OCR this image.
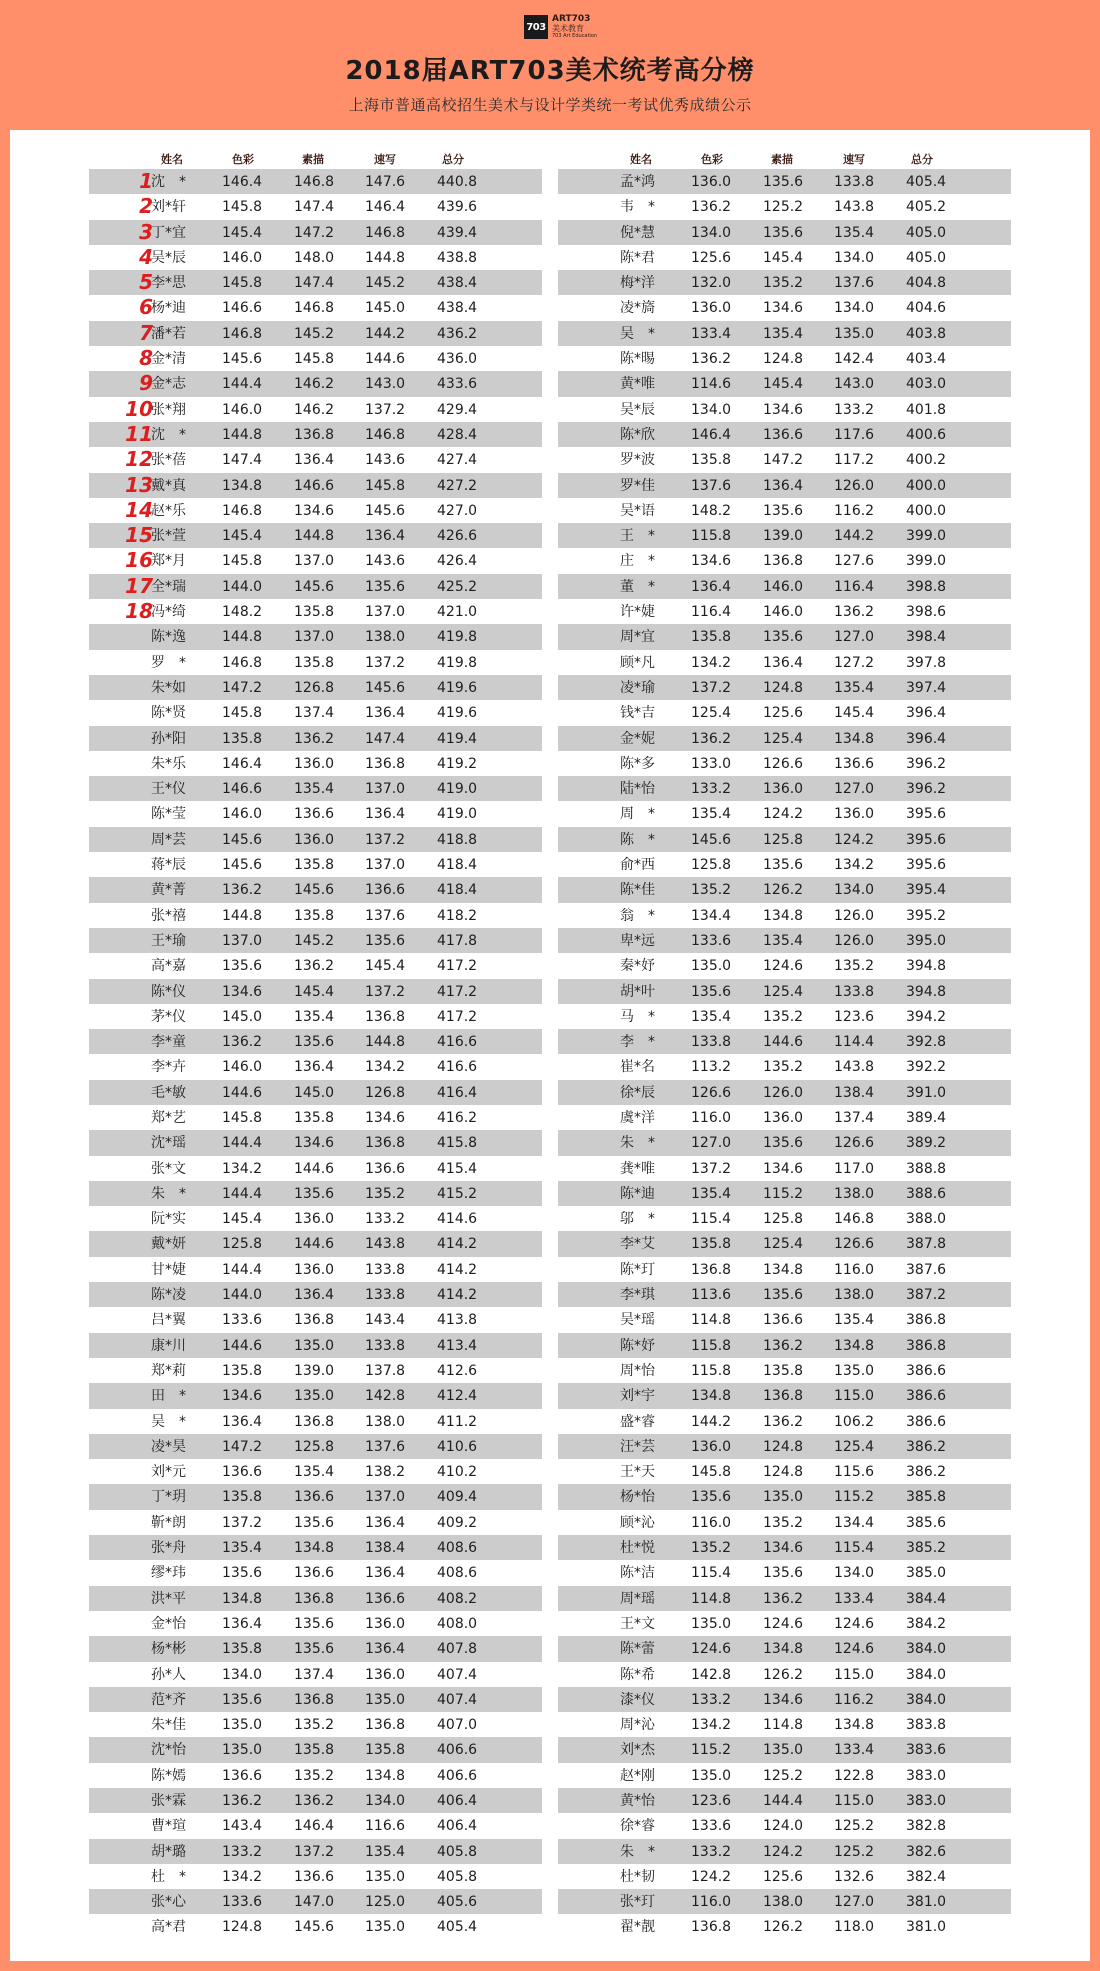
703
ART703
美术教育
703 Art Education
2018届ART703美术统考高分榜
上海市普通高校招生美术与设计学类统一考试优秀成绩公示
姓名	色彩	素描	速写	总分
1
沈　*	146.4 146.8 147.6 440.8
2
刘*轩	145.8 147.4 146.4 439.6
3
丁*宜	145.4 147.2 146.8 439.4
4
吴*辰	146.0 148.0 144.8 438.8
5
李*思	145.8 147.4 145.2 438.4
6
杨*迪	146.6 146.8 145.0 438.4
7
潘*若	146.8 145.2 144.2 436.2
8
金*清	145.6 145.8 144.6 436.0
9
金*志	144.4 146.2 143.0 433.6
10
张*翔	146.0 146.2 137.2 429.4
11
沈　*	144.8 136.8 146.8 428.4
12
张*蓓	147.4 136.4 143.6 427.4
13
戴*真	134.8 146.6 145.8 427.2
14
赵*乐	146.8 134.6 145.6 427.0
15
张*萱	145.4 144.8 136.4 426.6
16
郑*月	145.8 137.0 143.6 426.4
17
全*瑞	144.0 145.6 135.6 425.2
18
冯*绮	148.2 135.8 137.0 421.0
陈*逸	144.8 137.0 138.0 419.8
罗　*	146.8 135.8 137.2 419.8
朱*如	147.2 126.8 145.6 419.6
陈*贤	145.8 137.4 136.4 419.6
孙*阳	135.8 136.2 147.4 419.4
朱*乐	146.4 136.0 136.8 419.2
王*仪	146.6 135.4 137.0 419.0
陈*莹	146.0 136.6 136.4 419.0
周*芸	145.6 136.0 137.2 418.8
蒋*辰	145.6 135.8 137.0 418.4
黄*菁	136.2 145.6 136.6 418.4
张*禧	144.8 135.8 137.6 418.2
王*瑜	137.0 145.2 135.6 417.8
高*嘉	135.6 136.2 145.4 417.2
陈*仪	134.6 145.4 137.2 417.2
茅*仪	145.0 135.4 136.8 417.2
李*童	136.2 135.6 144.8 416.6
李*卉	146.0 136.4 134.2 416.6
毛*敏	144.6 145.0 126.8 416.4
郑*艺	145.8 135.8 134.6 416.2
沈*瑶	144.4 134.6 136.8 415.8
张*文	134.2 144.6 136.6 415.4
朱　*	144.4 135.6 135.2 415.2
阮*实	145.4 136.0 133.2 414.6
戴*妍	125.8 144.6 143.8 414.2
甘*婕	144.4 136.0 133.8 414.2
陈*凌	144.0 136.4 133.8 414.2
吕*翼	133.6 136.8 143.4 413.8
康*川	144.6 135.0 133.8 413.4
郑*莉	135.8 139.0 137.8 412.6
田　*	134.6 135.0 142.8 412.4
吴　*	136.4 136.8 138.0 411.2
凌*昊	147.2 125.8 137.6 410.6
刘*元	136.6 135.4 138.2 410.2
丁*玥	135.8 136.6 137.0 409.4
靳*朗	137.2 135.6 136.4 409.2
张*舟	135.4 134.8 138.4 408.6
缪*玮	135.6 136.6 136.4 408.6
洪*平	134.8 136.8 136.6 408.2
金*怡	136.4 135.6 136.0 408.0
杨*彬	135.8 135.6 136.4 407.8
孙*人	134.0 137.4 136.0 407.4
范*齐	135.6 136.8 135.0 407.4
朱*佳	135.0 135.2 136.8 407.0
沈*怡	135.0 135.8 135.8 406.6
陈*嫣	136.6 135.2 134.8 406.6
张*霖	136.2 136.2 134.0 406.4
曹*瑄	143.4 146.4 116.6 406.4
胡*璐	133.2 137.2 135.4 405.8
杜　*	134.2 136.6 135.0 405.8
张*心	133.6 147.0 125.0 405.6
高*君	124.8 145.6 135.0 405.4
姓名	色彩	素描	速写	总分
孟*鸿	136.0 135.6 133.8 405.4
韦　*	136.2 125.2 143.8 405.2
倪*慧	134.0 135.6 135.4 405.0
陈*君	125.6 145.4 134.0 405.0
梅*洋	132.0 135.2 137.6 404.8
凌*旖	136.0 134.6 134.0 404.6
吴　*	133.4 135.4 135.0 403.8
陈*晹	136.2 124.8 142.4 403.4
黄*唯	114.6 145.4 143.0 403.0
吴*辰	134.0 134.6 133.2 401.8
陈*欣	146.4 136.6 117.6 400.6
罗*波	135.8 147.2 117.2 400.2
罗*佳	137.6 136.4 126.0 400.0
吴*语	148.2 135.6 116.2 400.0
王　*	115.8 139.0 144.2 399.0
庄　*	134.6 136.8 127.6 399.0
董　*	136.4 146.0 116.4 398.8
许*婕	116.4 146.0 136.2 398.6
周*宜	135.8 135.6 127.0 398.4
顾*凡	134.2 136.4 127.2 397.8
凌*瑜	137.2 124.8 135.4 397.4
钱*吉	125.4 125.6 145.4 396.4
金*妮	136.2 125.4 134.8 396.4
陈*多	133.0 126.6 136.6 396.2
陆*怡	133.2 136.0 127.0 396.2
周　*	135.4 124.2 136.0 395.6
陈　*	145.6 125.8 124.2 395.6
俞*西	125.8 135.6 134.2 395.6
陈*佳	135.2 126.2 134.0 395.4
翁　*	134.4 134.8 126.0 395.2
卑*远	133.6 135.4 126.0 395.0
秦*妤	135.0 124.6 135.2 394.8
胡*叶	135.6 125.4 133.8 394.8
马　*	135.4 135.2 123.6 394.2
李　*	133.8 144.6 114.4 392.8
崔*名	113.2 135.2 143.8 392.2
徐*辰	126.6 126.0 138.4 391.0
虞*洋	116.0 136.0 137.4 389.4
朱　*	127.0 135.6 126.6 389.2
龚*唯	137.2 134.6 117.0 388.8
陈*迪	135.4 115.2 138.0 388.6
邬　*	115.4 125.8 146.8 388.0
李*艾	135.8 125.4 126.6 387.8
陈*玎	136.8 134.8 116.0 387.6
李*琪	113.6 135.6 138.0 387.2
吴*瑶	114.8 136.6 135.4 386.8
陈*妤	115.8 136.2 134.8 386.8
周*怡	115.8 135.8 135.0 386.6
刘*宇	134.8 136.8 115.0 386.6
盛*睿	144.2 136.2 106.2 386.6
汪*芸	136.0 124.8 125.4 386.2
王*天	145.8 124.8 115.6 386.2
杨*怡	135.6 135.0 115.2 385.8
顾*沁	116.0 135.2 134.4 385.6
杜*悦	135.2 134.6 115.4 385.2
陈*洁	115.4 135.6 134.0 385.0
周*瑶	114.8 136.2 133.4 384.4
王*文	135.0 124.6 124.6 384.2
陈*蕾	124.6 134.8 124.6 384.0
陈*希	142.8 126.2 115.0 384.0
漆*仪	133.2 134.6 116.2 384.0
周*沁	134.2 114.8 134.8 383.8
刘*杰	115.2 135.0 133.4 383.6
赵*刚	135.0 125.2 122.8 383.0
黄*怡	123.6 144.4 115.0 383.0
徐*睿	133.6 124.0 125.2 382.8
朱　*	133.2 124.2 125.2 382.6
杜*韧	124.2 125.6 132.6 382.4
张*玎	116.0 138.0 127.0 381.0
翟*靓	136.8 126.2 118.0 381.0
